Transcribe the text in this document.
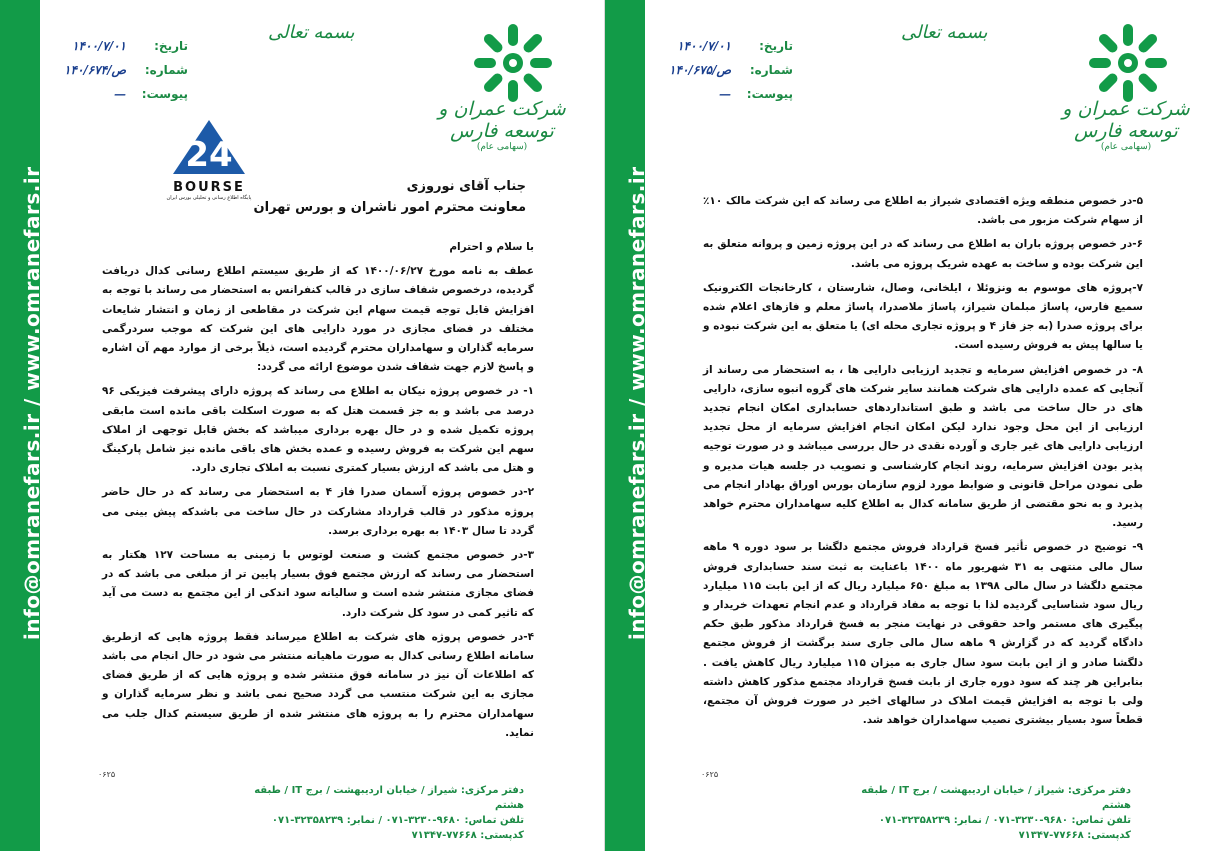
info@omranefars.ir / www.omranefars.ir
تاریخ:
۱۴۰۰/۷/۰۱
شماره:
۱۴۰/ص/۶۷۴
پیوست:
—
بسمه تعالی
شرکت عمران و توسعه فارس
(سهامی عام)
24
BOURSE
پایگاه اطلاع رسانی و تحلیلی بورس ایران
جناب آقای نوروزی
معاونت محترم امور ناشران و بورس تهران

با سلام و احترام

عطف به نامه مورخ ۱۴۰۰/۰۶/۲۷ که از طریق سیستم اطلاع رسانی کدال دریافت گردیده، درخصوص شفاف سازی در قالب کنفرانس به استحضار می رساند با توجه به افزایش قابل توجه قیمت سهام این شرکت در مقاطعی از زمان و انتشار شایعات مختلف در فضای مجازی در مورد دارایی های این شرکت که موجب سردرگمی سرمایه گذاران و سهامداران محترم گردیده است، ذیلاً برخی از موارد مهم آن اشاره و پاسخ لازم جهت شفاف شدن موضوع ارائه می گردد:

۱- در خصوص پروژه نیکان به اطلاع می رساند که پروژه دارای پیشرفت فیزیکی ۹۶ درصد می باشد و به جز قسمت هتل که به صورت اسکلت باقی مانده است مابقی پروژه تکمیل شده و در حال بهره برداری میباشد که بخش قابل توجهی از املاک سهم این شرکت به فروش رسیده و عمده بخش های باقی مانده نیز شامل پارکینگ و هتل می باشد که ارزش بسیار کمتری نسبت به املاک تجاری دارد.

۲-در خصوص پروژه آسمان صدرا فاز ۴ به استحضار می رساند که در حال حاضر پروژه مذکور در قالب قرارداد مشارکت در حال ساخت می باشدکه پیش بینی می گردد تا سال ۱۴۰۳ به بهره برداری برسد.

۳-در خصوص مجتمع کشت و صنعت لوتوس با زمینی به مساحت ۱۲۷ هکتار به استحضار می رساند که ارزش مجتمع فوق بسیار پایین تر از مبلغی می باشد که در فضای مجازی منتشر شده است و سالیانه سود اندکی از این مجتمع به دست می آید که تاثیر کمی در سود کل شرکت دارد.

۴-در خصوص پروژه های شرکت به اطلاع میرساند فقط پروژه هایی که ازطریق سامانه اطلاع رسانی کدال به صورت ماهیانه منتشر می شود در حال انجام می باشد که اطلاعات آن نیز در سامانه فوق منتشر شده و پروژه هایی که از طریق فضای مجازی به این شرکت منتسب می گردد صحیح نمی باشد و نظر سرمایه گذاران و سهامداران محترم را به پروژه های منتشر شده از طریق سیستم کدال جلب می نماید.

۰۶۲۵
دفتر مرکزی: شیراز / خیابان اردیبهشت / برج IT / طبقه هشتم
تلفن تماس: ۹۶۸۰-۳۲۳۰-۰۷۱ / نمابر: ۳۲۳۵۸۲۳۹-۰۷۱
کدپستی: ۷۷۶۶۸-۷۱۳۴۷
info@omranefars.ir / www.omranefars.ir
تاریخ:
۱۴۰۰/۷/۰۱
شماره:
۱۴۰/ص/۶۷۵
پیوست:
—
بسمه تعالی
شرکت عمران و توسعه فارس
(سهامی عام)

۵-در خصوص منطقه ویژه اقتصادی شیراز به اطلاع می رساند که این شرکت مالک ۱۰٪ از سهام شرکت مزبور می باشد.

۶-در خصوص پروژه باران به اطلاع می رساند که در این پروژه زمین و پروانه متعلق به این شرکت بوده و ساخت به عهده شریک پروژه می باشد.

۷-پروژه های موسوم به ونزوئلا ، ایلخانی، وصال، شارستان ، کارخانجات الکترونیک سمیع فارس، پاساژ مبلمان شیراز، پاساژ ملاصدرا، پاساژ معلم و فازهای اعلام شده برای پروژه صدرا (به جز فاز ۴ و پروژه تجاری محله ای) یا متعلق به این شرکت نبوده و یا سالها پیش به فروش رسیده است.

۸- در خصوص افزایش سرمایه و تجدید ارزیابی دارایی ها ، به استحضار می رساند از آنجایی که عمده دارایی های شرکت همانند سایر شرکت های گروه انبوه سازی، دارایی های در حال ساخت می باشد و طبق استانداردهای حسابداری امکان انجام تجدید ارزیابی از این محل وجود ندارد لیکن امکان انجام افزایش سرمایه از محل تجدید ارزیابی دارایی های غیر جاری و آورده نقدی در حال بررسی میباشد و در صورت توجیه پذیر بودن افزایش سرمایه، روند انجام کارشناسی و تصویب در جلسه هیات مدیره و طی نمودن مراحل قانونی و ضوابط مورد لزوم سازمان بورس اوراق بهادار انجام می پذیرد و به نحو مقتضی از طریق سامانه کدال به اطلاع کلیه سهامداران محترم خواهد رسید.

۹- توضیح در خصوص تأثیر فسخ قرارداد فروش مجتمع دلگشا بر سود دوره ۹ ماهه سال مالی منتهی به ۳۱ شهریور ماه ۱۴۰۰ باعنایت به ثبت سند حسابداری فروش مجتمع دلگشا در سال مالی ۱۳۹۸ به مبلغ ۶۵۰ میلیارد ریال که از این بابت ۱۱۵ میلیارد ریال سود شناسایی گردیده لذا با توجه به مفاد قرارداد و عدم انجام تعهدات خریدار و پیگیری های مستمر واحد حقوقی در نهایت منجر به فسخ قرارداد مذکور طبق حکم دادگاه گردید که در گزارش ۹ ماهه سال مالی جاری سند برگشت از فروش مجتمع دلگشا صادر و از این بابت سود سال جاری به میزان ۱۱۵ میلیارد ریال کاهش یافت . بنابراین هر چند که سود دوره جاری از بابت فسخ قرارداد مجتمع مذکور کاهش داشته ولی با توجه به افزایش قیمت املاک در سالهای اخیر در صورت فروش آن مجتمع، قطعاً سود بسیار بیشتری نصیب سهامداران خواهد شد.

۰۶۲۵
دفتر مرکزی: شیراز / خیابان اردیبهشت / برج IT / طبقه هشتم
تلفن تماس: ۹۶۸۰-۳۲۳۰-۰۷۱ / نمابر: ۳۲۳۵۸۲۳۹-۰۷۱
کدپستی: ۷۷۶۶۸-۷۱۳۴۷
